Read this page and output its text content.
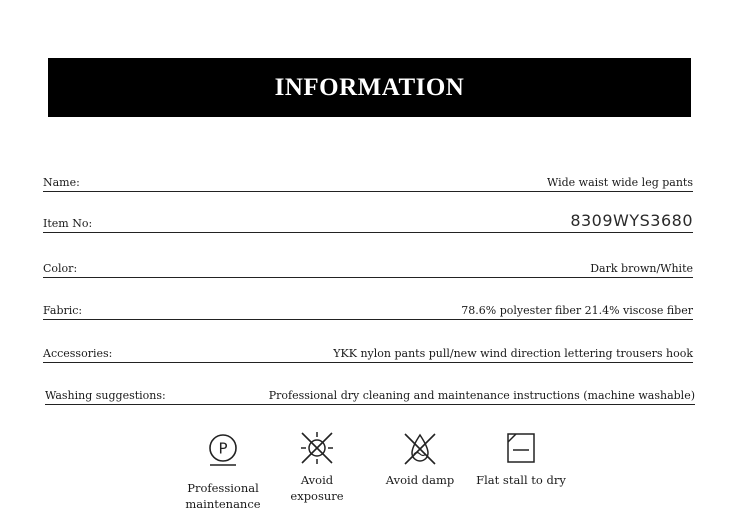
INFORMATION
Name:	Wide waist wide leg pants
Item No:	8309WYS3680
Color:	Dark brown/White
Fabric:	78.6% polyester fiber 21.4% viscose fiber
Accessories:	YKK nylon pants pull/new wind direction lettering trousers hook
Washing suggestions:	Professional dry cleaning and maintenance instructions (machine washable)
P
Professional maintenance
Avoid exposure
Avoid damp	Flat stall to dry
